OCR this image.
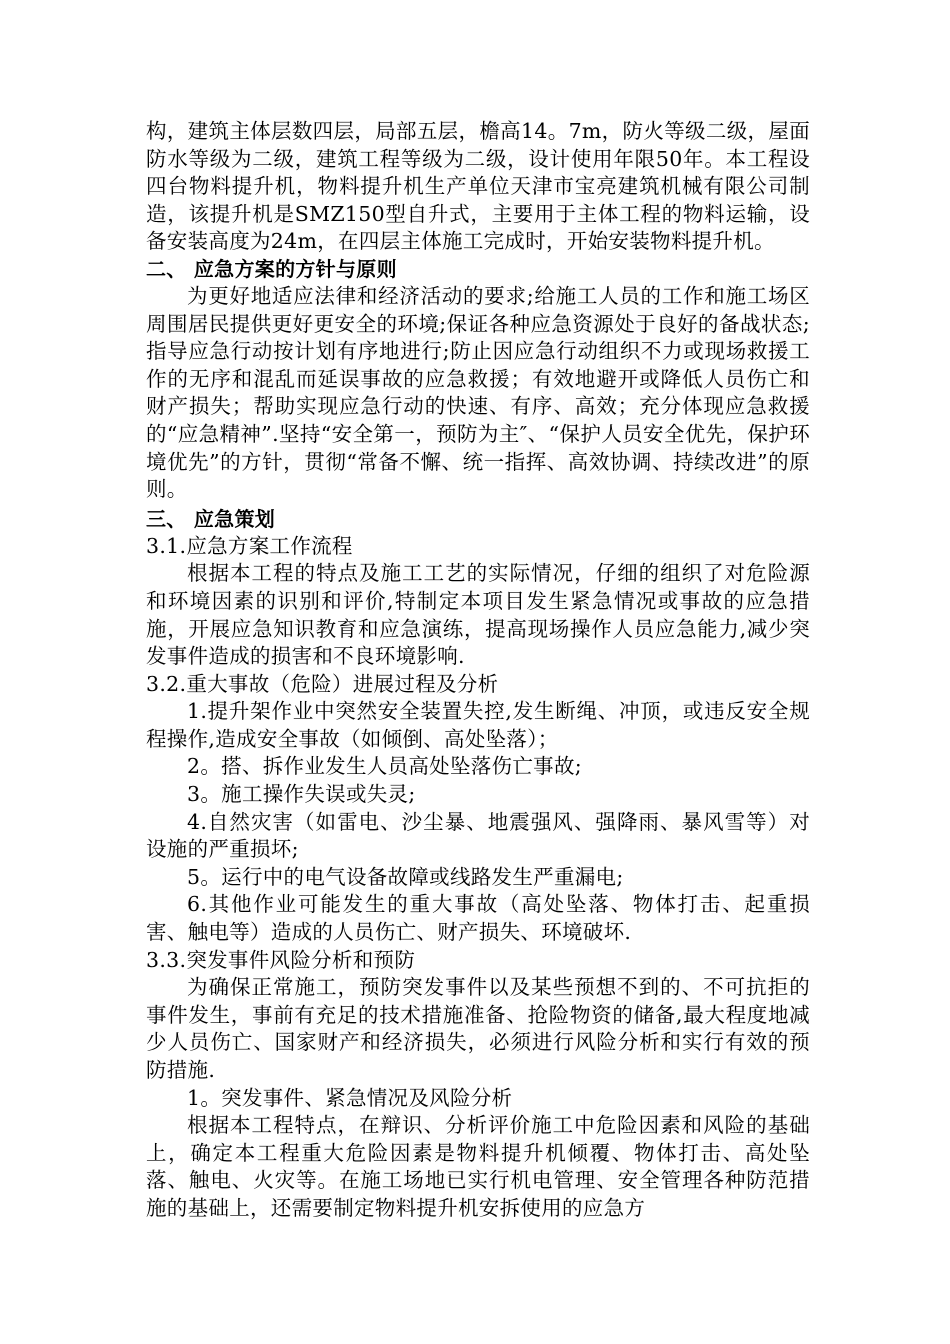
构，建筑主体层数四层，局部五层，檐高14。7m，防火等级二级，屋面防水等级为二级，建筑工程等级为二级，设计使用年限50年。本工程设四台物料提升机，物料提升机生产单位天津市宝亮建筑机械有限公司制造，该提升机是SMZ150型自升式，主要用于主体工程的物料运输，设备安装高度为24m，在四层主体施工完成时，开始安装物料提升机。

二、 应急方案的方针与原则

为更好地适应法律和经济活动的要求;给施工人员的工作和施工场区周围居民提供更好更安全的环境;保证各种应急资源处于良好的备战状态;指导应急行动按计划有序地进行;防止因应急行动组织不力或现场救援工作的无序和混乱而延误事故的应急救援；有效地避开或降低人员伤亡和财产损失；帮助实现应急行动的快速、有序、高效；充分体现应急救援的“应急精神”.坚持“安全第一，预防为主″、“保护人员安全优先，保护环境优先”的方针，贯彻“常备不懈、统一指挥、高效协调、持续改进”的原则。

三、 应急策划

3.1.应急方案工作流程

根据本工程的特点及施工工艺的实际情况，仔细的组织了对危险源和环境因素的识别和评价,特制定本项目发生紧急情况或事故的应急措施，开展应急知识教育和应急演练，提高现场操作人员应急能力,减少突发事件造成的损害和不良环境影响.

3.2.重大事故（危险）进展过程及分析

1.提升架作业中突然安全装置失控,发生断绳、冲顶，或违反安全规程操作,造成安全事故（如倾倒、高处坠落）；

2。搭、拆作业发生人员高处坠落伤亡事故;

3。施工操作失误或失灵;

4.自然灾害（如雷电、沙尘暴、地震强风、强降雨、暴风雪等）对设施的严重损坏;

5。运行中的电气设备故障或线路发生严重漏电;

6.其他作业可能发生的重大事故（高处坠落、物体打击、起重损害、触电等）造成的人员伤亡、财产损失、环境破坏.

3.3.突发事件风险分析和预防

为确保正常施工，预防突发事件以及某些预想不到的、不可抗拒的事件发生，事前有充足的技术措施准备、抢险物资的储备,最大程度地减少人员伤亡、国家财产和经济损失，必须进行风险分析和实行有效的预防措施.

1。突发事件、紧急情况及风险分析

根据本工程特点，在辩识、分析评价施工中危险因素和风险的基础上，确定本工程重大危险因素是物料提升机倾覆、物体打击、高处坠落、触电、火灾等。在施工场地已实行机电管理、安全管理各种防范措施的基础上，还需要制定物料提升机安拆使用的应急方
